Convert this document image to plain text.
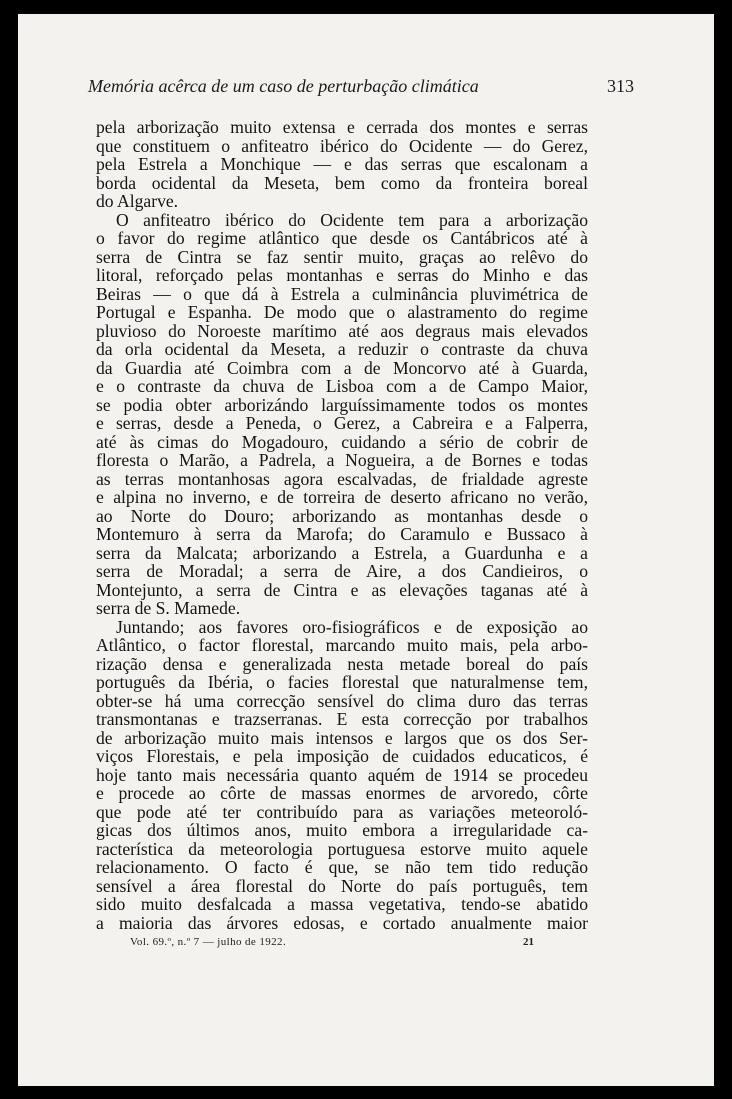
Memória acêrca de um caso de perturbação climática	313
pela arborização muito extensa e cerrada dos montes e serras
que constituem o anfiteatro ibérico do Ocidente — do Gerez,
pela Estrela a Monchique — e das serras que escalonam a
borda ocidental da Meseta, bem como da fronteira boreal
do Algarve.
O anfiteatro ibérico do Ocidente tem para a arborização
o favor do regime atlântico que desde os Cantábricos até à
serra de Cintra se faz sentir muito, graças ao relêvo do
litoral, reforçado pelas montanhas e serras do Minho e das
Beiras — o que dá à Estrela a culminância pluvimétrica de
Portugal e Espanha. De modo que o alastramento do regime
pluvioso do Noroeste marítimo até aos degraus mais elevados
da orla ocidental da Meseta, a reduzir o contraste da chuva
da Guardia até Coimbra com a de Moncorvo até à Guarda,
e o contraste da chuva de Lisboa com a de Campo Maior,
se podia obter arborizándo larguíssimamente todos os montes
e serras, desde a Peneda, o Gerez, a Cabreira e a Falperra,
até às cimas do Mogadouro, cuidando a sério de cobrir de
floresta o Marão, a Padrela, a Nogueira, a de Bornes e todas
as terras montanhosas agora escalvadas, de frialdade agreste
e alpina no inverno, e de torreira de deserto africano no verão,
ao Norte do Douro; arborizando as montanhas desde o
Montemuro à serra da Marofa; do Caramulo e Bussaco à
serra da Malcata; arborizando a Estrela, a Guardunha e a
serra de Moradal; a serra de Aire, a dos Candieiros, o
Montejunto, a serra de Cintra e as elevações taganas até à
serra de S. Mamede.
Juntando; aos favores oro-fisiográficos e de exposição ao
Atlântico, o factor florestal, marcando muito mais, pela arbo-
rização densa e generalizada nesta metade boreal do país
português da Ibéria, o facies florestal que naturalmense tem,
obter-se há uma correcção sensível do clima duro das terras
transmontanas e trazserranas. E esta correcção por trabalhos
de arborização muito mais intensos e largos que os dos Ser-
viços Florestais, e pela imposição de cuidados educaticos, é
hoje tanto mais necessária quanto aquém de 1914 se procedeu
e procede ao côrte de massas enormes de arvoredo, côrte
que pode até ter contribuído para as variações meteoroló-
gicas dos últimos anos, muito embora a irregularidade ca-
racterística da meteorologia portuguesa estorve muito aquele
relacionamento. O facto é que, se não tem tido redução
sensível a área florestal do Norte do país português, tem
sido muito desfalcada a massa vegetativa, tendo-se abatido
a maioria das árvores edosas, e cortado anualmente maior
Vol. 69.º, n.º 7 — julho de 1922.	21
